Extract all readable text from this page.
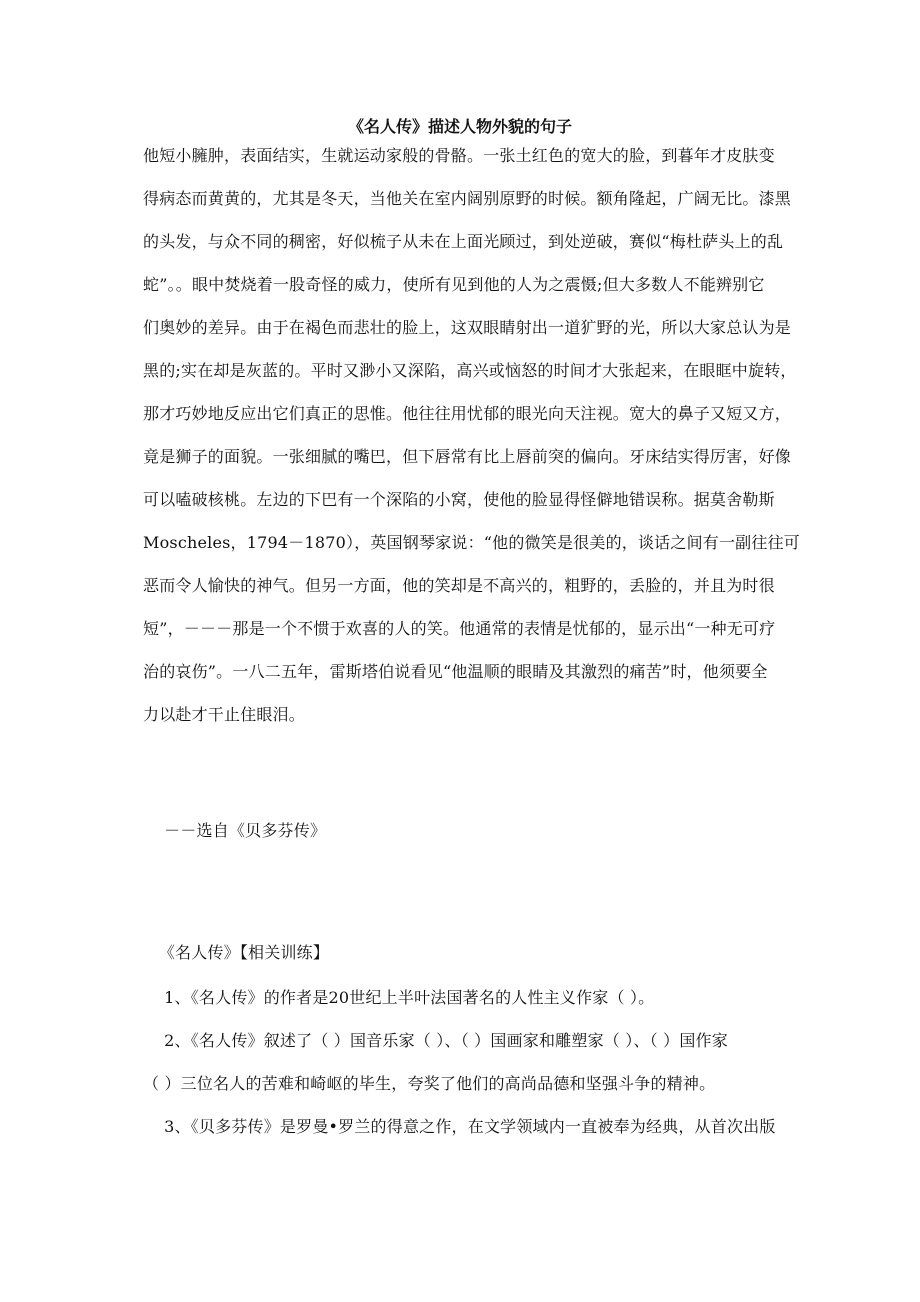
《名人传》描述人物外貌的句子
他短小臃肿，表面结实，生就运动家般的骨骼。一张土红色的宽大的脸，到暮年才皮肤变
得病态而黄黄的，尤其是冬天，当他关在室内阔别原野的时候。额角隆起，广阔无比。漆黑
的头发，与众不同的稠密，好似梳子从未在上面光顾过，到处逆破，赛似“梅杜萨头上的乱
蛇”。。眼中焚烧着一股奇怪的威力，使所有见到他的人为之震慑;但大多数人不能辨别它
们奥妙的差异。由于在褐色而悲壮的脸上，这双眼睛射出一道犷野的光，所以大家总认为是
黑的;实在却是灰蓝的。平时又渺小又深陷，高兴或恼怒的时间才大张起来，在眼眶中旋转，
那才巧妙地反应出它们真正的思惟。他往往用忧郁的眼光向天注视。宽大的鼻子又短又方，
竟是狮子的面貌。一张细腻的嘴巴，但下唇常有比上唇前突的偏向。牙床结实得厉害，好像
可以嗑破核桃。左边的下巴有一个深陷的小窝，使他的脸显得怪僻地错误称。据莫舍勒斯
Moscheles，1794－1870），英国钢琴家说：“他的微笑是很美的，谈话之间有一副往往可
恶而令人愉快的神气。但另一方面，他的笑却是不高兴的，粗野的，丢脸的，并且为时很
短”，－－－那是一个不惯于欢喜的人的笑。他通常的表情是忧郁的，显示出“一种无可疗
治的哀伤”。一八二五年，雷斯塔伯说看见“他温顺的眼睛及其激烈的痛苦”时，他须要全
力以赴才干止住眼泪。
－－选自《贝多芬传》
《名人传》【相关训练】
1、《名人传》的作者是20世纪上半叶法国著名的人性主义作家（ ）。
2、《名人传》叙述了（ ）国音乐家（ ）、（ ）国画家和雕塑家（ ）、（ ）国作家
（ ）三位名人的苦难和崎岖的毕生，夸奖了他们的高尚品德和坚强斗争的精神。
3、《贝多芬传》是罗曼•罗兰的得意之作，在文学领域内一直被奉为经典，从首次出版
